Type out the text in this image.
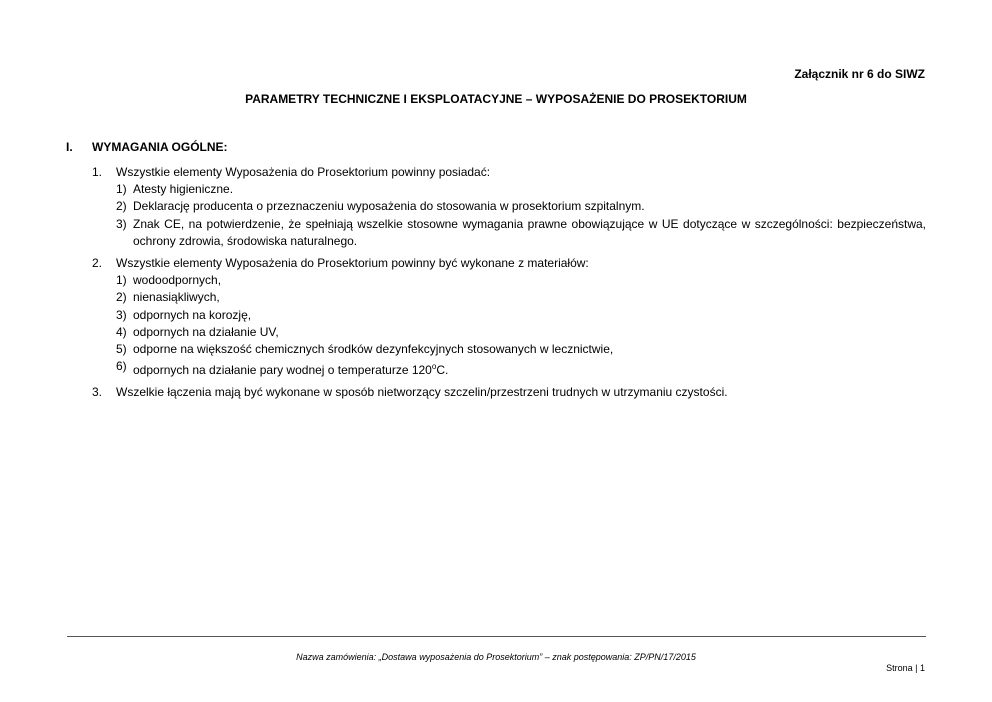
Załącznik nr 6 do SIWZ
PARAMETRY TECHNICZNE I EKSPLOATACYJNE – WYPOSAŻENIE DO PROSEKTORIUM
I. WYMAGANIA OGÓLNE:
1.	Wszystkie elementy Wyposażenia do Prosektorium powinny posiadać:
1) Atesty higieniczne.
2) Deklarację producenta o przeznaczeniu wyposażenia do stosowania w prosektorium szpitalnym.
3) Znak CE, na potwierdzenie, że spełniają wszelkie stosowne wymagania prawne obowiązujące w UE dotyczące w szczególności: bezpieczeństwa, ochrony zdrowia, środowiska naturalnego.
2.	Wszystkie elementy Wyposażenia do Prosektorium powinny być wykonane z materiałów:
1) wodoodpornych,
2) nienasiąkliwych,
3) odpornych na korozję,
4) odpornych na działanie UV,
5) odporne na większość chemicznych środków dezynfekcyjnych stosowanych w lecznictwie,
6) odpornych na działanie pary wodnej o temperaturze 120$^o$C.
3.	Wszelkie łączenia mają być wykonane w sposób nietworzący szczelin/przestrzeni trudnych w utrzymaniu czystości.
Nazwa zamówienia: „Dostawa wyposażenia do Prosektorium” – znak postępowania: ZP/PN/17/2015
Strona | 1
